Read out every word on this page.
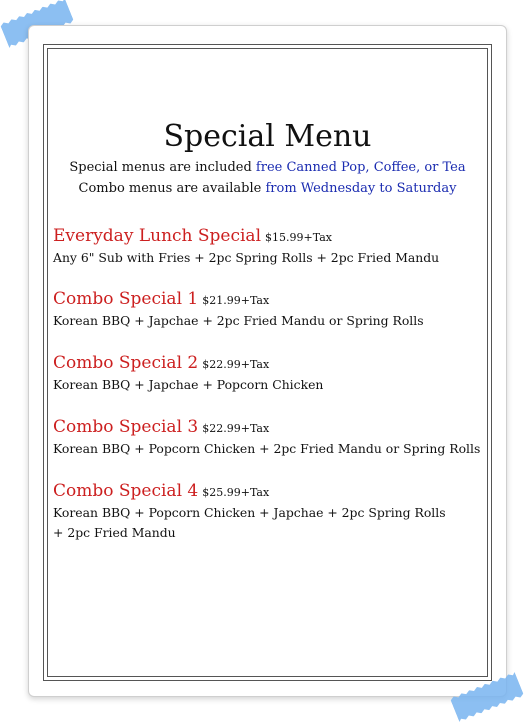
Special Menu
Special menus are included free Canned Pop, Coffee, or Tea
Combo menus are available from Wednesday to Saturday
Everyday Lunch Special $15.99+Tax
Any 6" Sub with Fries + 2pc Spring Rolls + 2pc Fried Mandu
Combo Special 1 $21.99+Tax
Korean BBQ + Japchae + 2pc Fried Mandu or Spring Rolls
Combo Special 2 $22.99+Tax
Korean BBQ + Japchae + Popcorn Chicken
Combo Special 3 $22.99+Tax
Korean BBQ + Popcorn Chicken + 2pc Fried Mandu or Spring Rolls
Combo Special 4 $25.99+Tax
Korean BBQ + Popcorn Chicken + Japchae + 2pc Spring Rolls
+ 2pc Fried Mandu
